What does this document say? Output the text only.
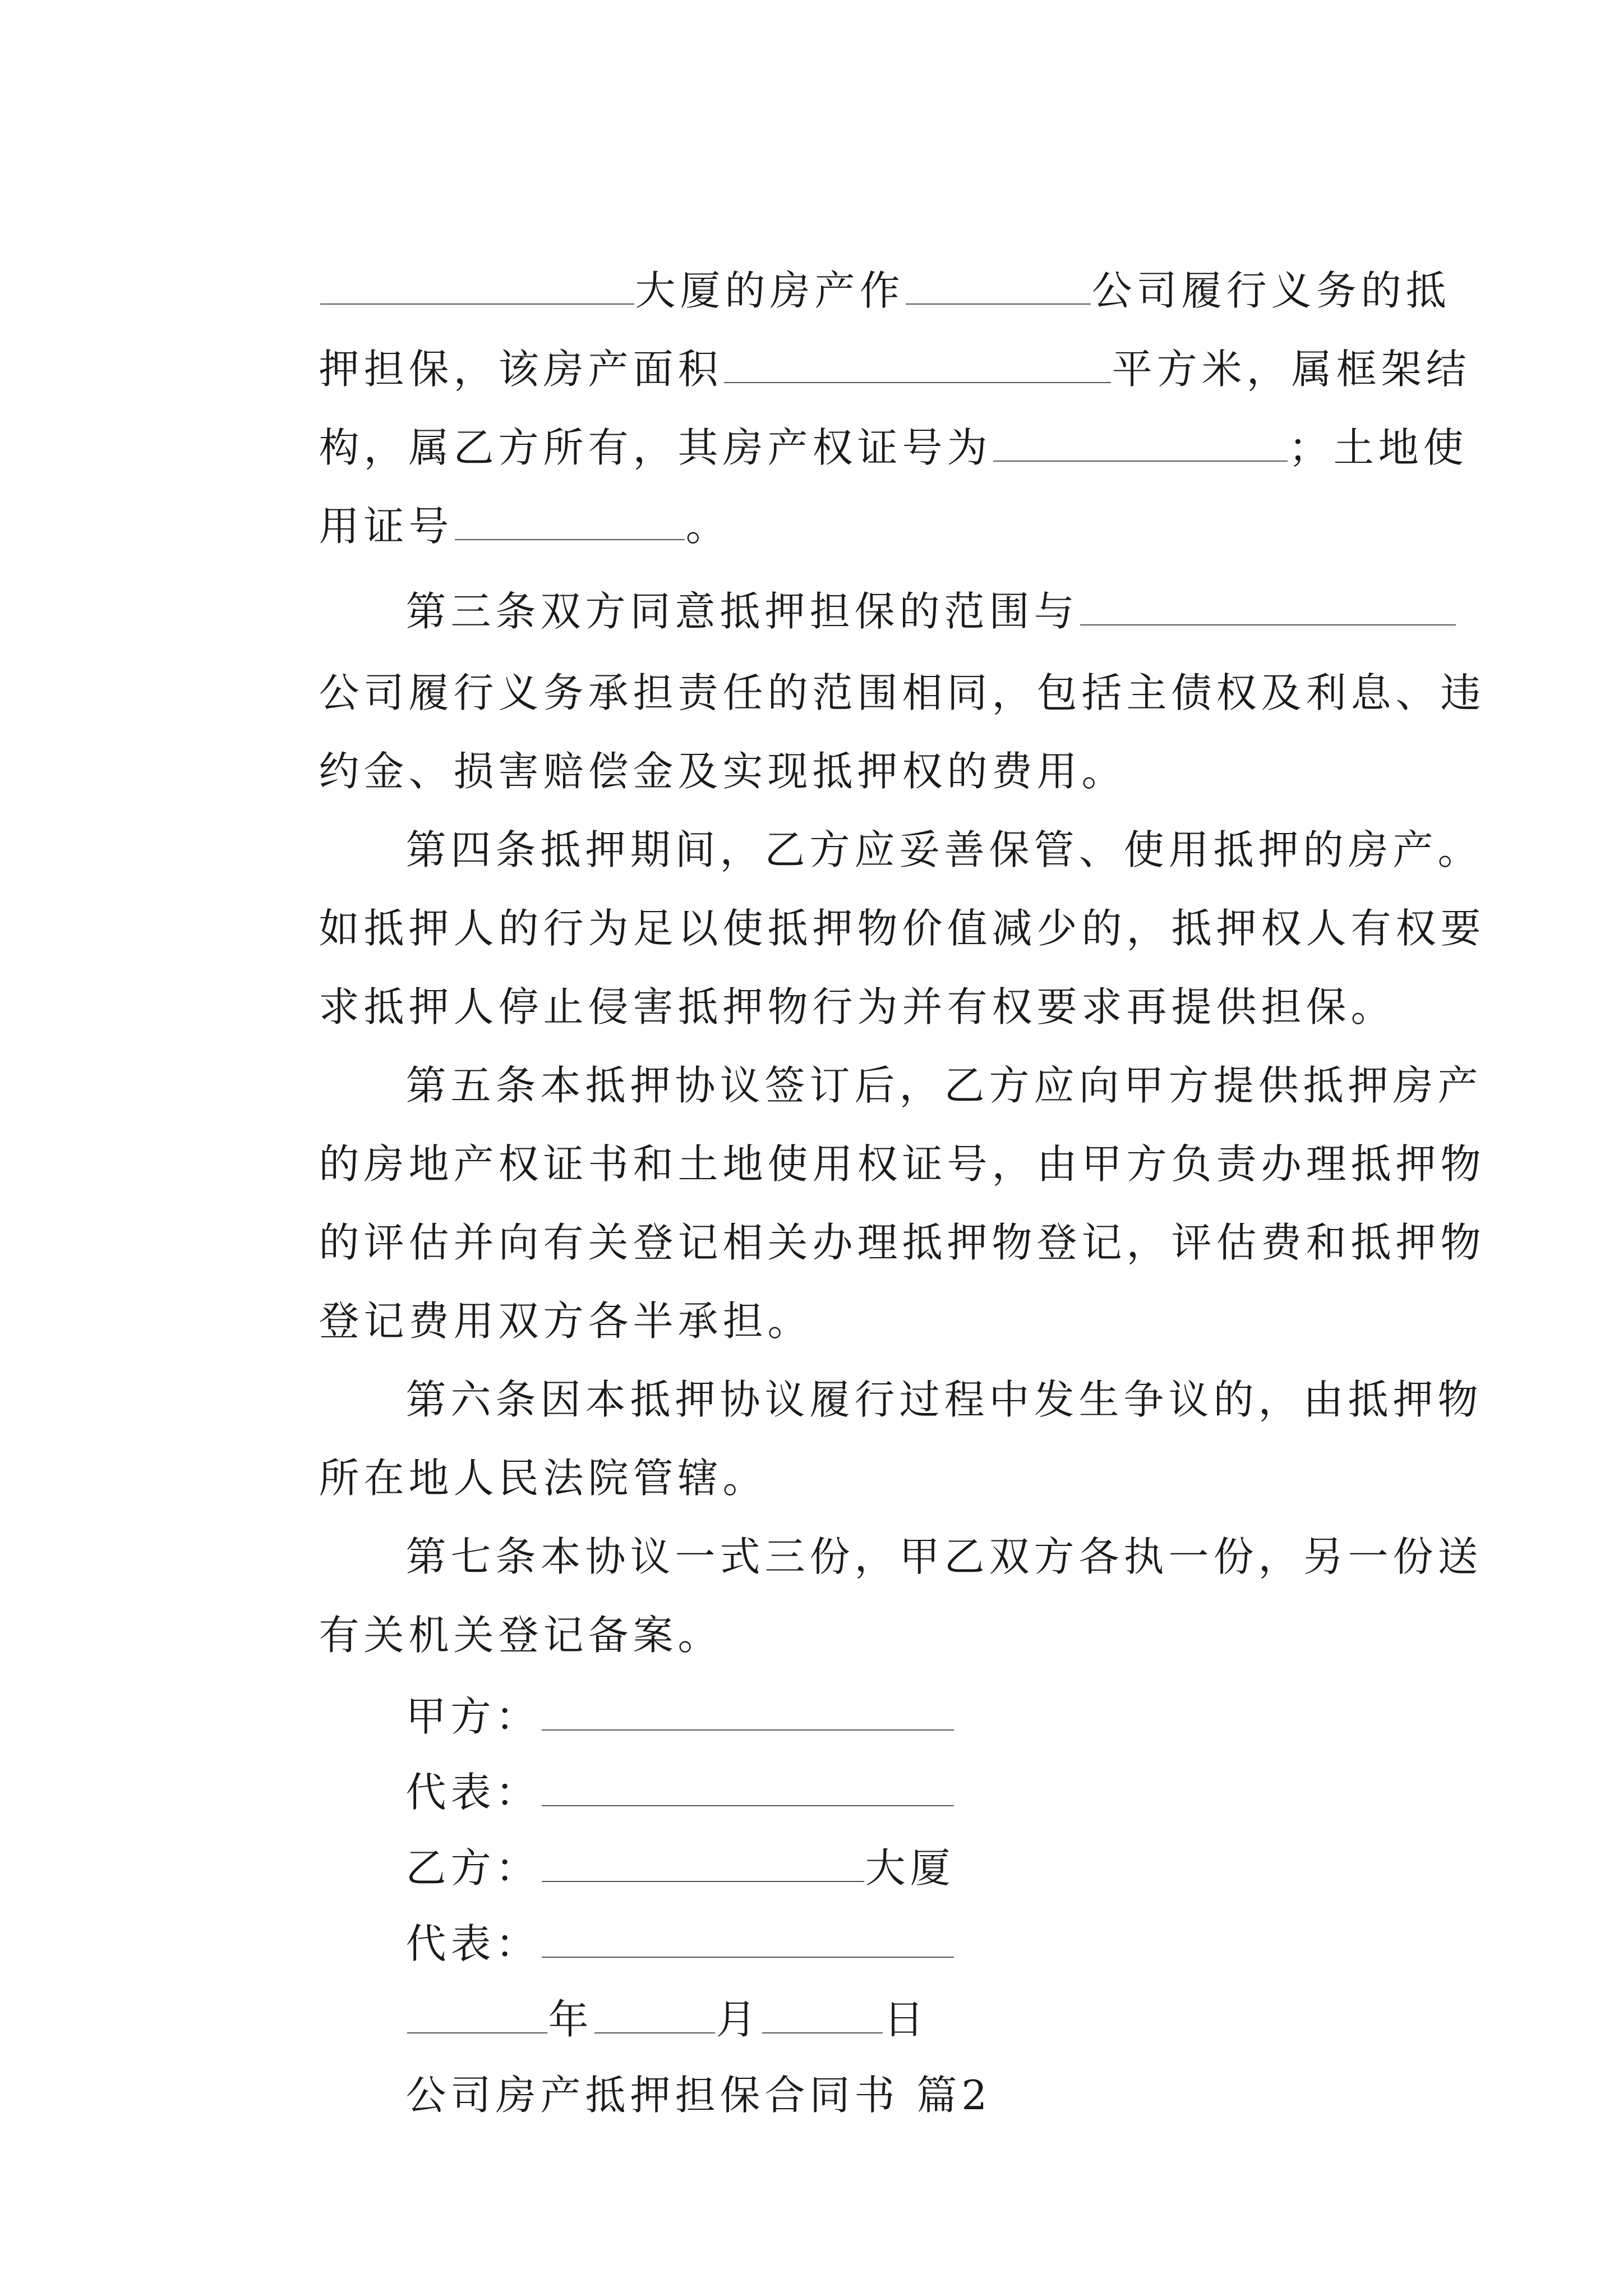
大厦的房产作	公司履行义务的抵

押担保，该房产面积	平方米，属框架结

构，属乙方所有，其房产权证号为	；土地使

用证号	。

第三条双方同意抵押担保的范围与

公司履行义务承担责任的范围相同，包括主债权及利息、违

约金、损害赔偿金及实现抵押权的费用。

第四条抵押期间，乙方应妥善保管、使用抵押的房产。

如抵押人的行为足以使抵押物价值减少的，抵押权人有权要

求抵押人停止侵害抵押物行为并有权要求再提供担保。

第五条本抵押协议签订后，乙方应向甲方提供抵押房产

的房地产权证书和土地使用权证号，由甲方负责办理抵押物

的评估并向有关登记相关办理抵押物登记，评估费和抵押物

登记费用双方各半承担。

第六条因本抵押协议履行过程中发生争议的，由抵押物

所在地人民法院管辖。

第七条本协议一式三份，甲乙双方各执一份，另一份送

有关机关登记备案。

甲方：

代表：

乙方：	大厦

代表：

年	月	日

公司房产抵押担保合同书 篇2
